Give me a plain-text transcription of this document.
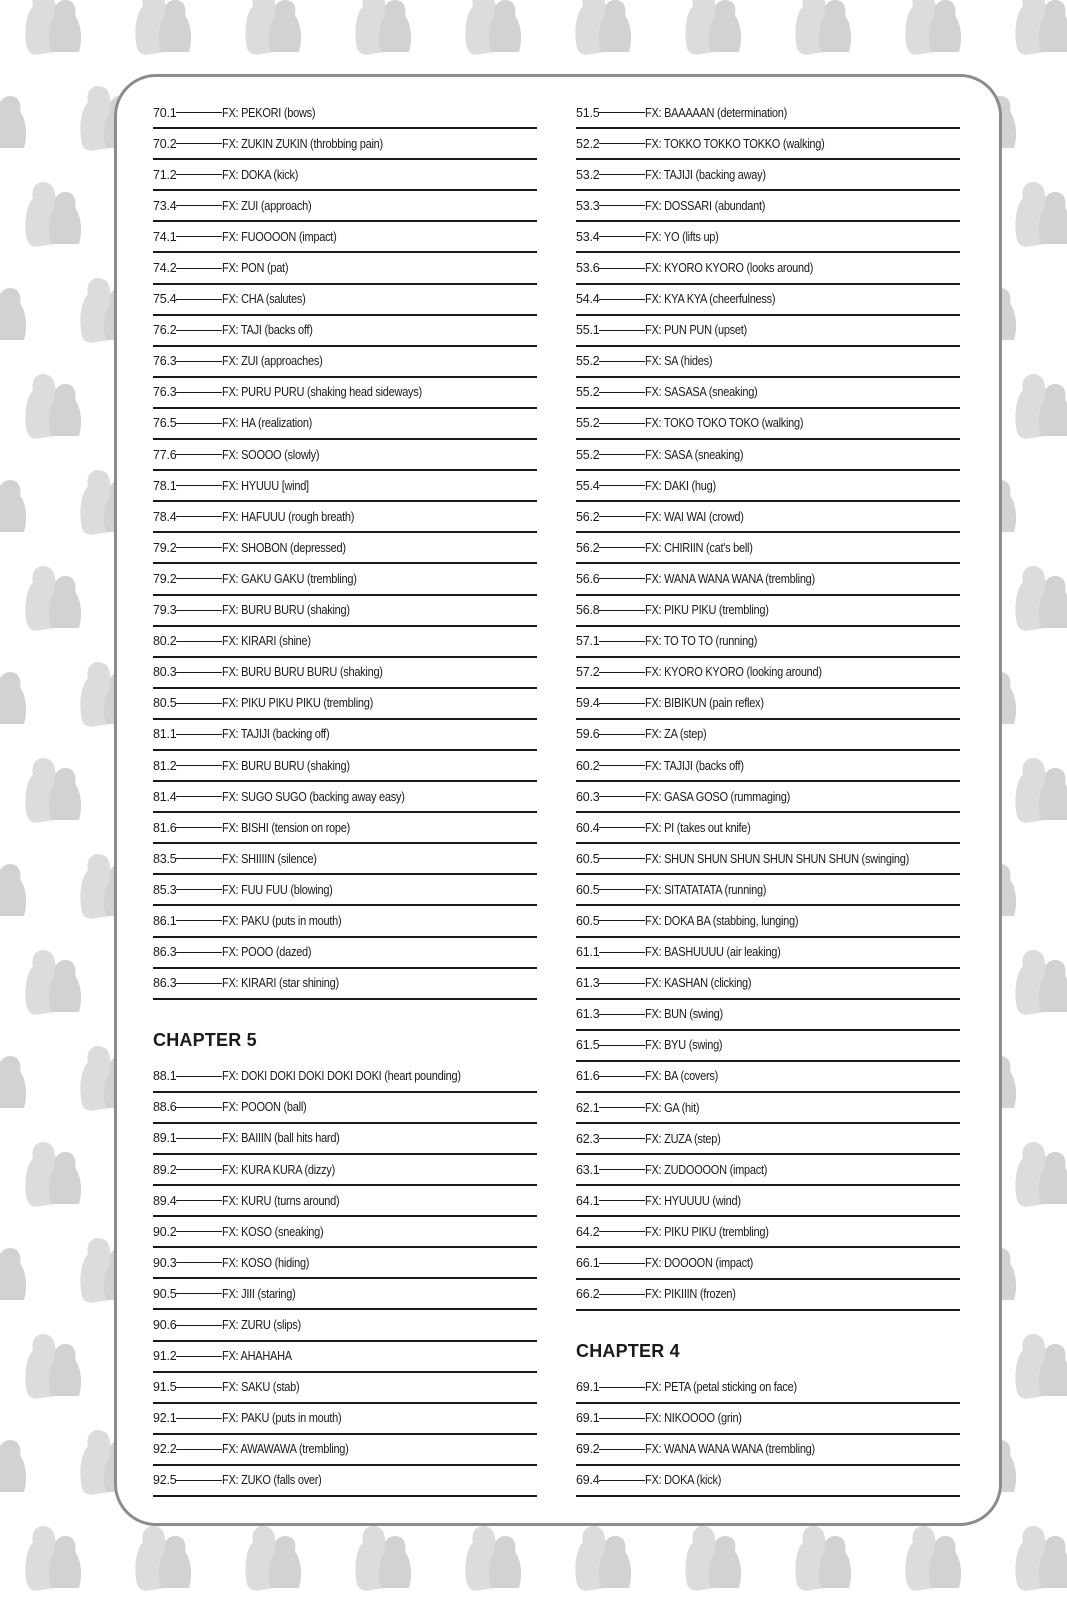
70.1	FX: PEKORI (bows)
70.2	FX: ZUKIN ZUKIN (throbbing pain)
71.2	FX: DOKA (kick)
73.4	FX: ZUI (approach)
74.1	FX: FUOOOON (impact)
74.2	FX: PON (pat)
75.4	FX: CHA (salutes)
76.2	FX: TAJI (backs off)
76.3	FX: ZUI (approaches)
76.3	FX: PURU PURU (shaking head sideways)
76.5	FX: HA (realization)
77.6	FX: SOOOO (slowly)
78.1	FX: HYUUU [wind]
78.4	FX: HAFUUU (rough breath)
79.2	FX: SHOBON (depressed)
79.2	FX: GAKU GAKU (trembling)
79.3	FX: BURU BURU (shaking)
80.2	FX: KIRARI (shine)
80.3	FX: BURU BURU BURU (shaking)
80.5	FX: PIKU PIKU PIKU (trembling)
81.1	FX: TAJIJI (backing off)
81.2	FX: BURU BURU (shaking)
81.4	FX: SUGO SUGO (backing away easy)
81.6	FX: BISHI (tension on rope)
83.5	FX: SHIIIIN (silence)
85.3	FX: FUU FUU (blowing)
86.1	FX: PAKU (puts in mouth)
86.3	FX: POOO (dazed)
86.3	FX: KIRARI (star shining)
CHAPTER 5
88.1	FX: DOKI DOKI DOKI DOKI DOKI (heart pounding)
88.6	FX: POOON (ball)
89.1	FX: BAIIIN (ball hits hard)
89.2	FX: KURA KURA (dizzy)
89.4	FX: KURU (turns around)
90.2	FX: KOSO (sneaking)
90.3	FX: KOSO (hiding)
90.5	FX: JIII (staring)
90.6	FX: ZURU (slips)
91.2	FX: AHAHAHA
91.5	FX: SAKU (stab)
92.1	FX: PAKU (puts in mouth)
92.2	FX: AWAWAWA (trembling)
92.5	FX: ZUKO (falls over)
51.5	FX: BAAAAAN (determination)
52.2	FX: TOKKO TOKKO TOKKO (walking)
53.2	FX: TAJIJI (backing away)
53.3	FX: DOSSARI (abundant)
53.4	FX: YO (lifts up)
53.6	FX: KYORO KYORO (looks around)
54.4	FX: KYA KYA (cheerfulness)
55.1	FX: PUN PUN (upset)
55.2	FX: SA (hides)
55.2	FX: SASASA (sneaking)
55.2	FX: TOKO TOKO TOKO (walking)
55.2	FX: SASA (sneaking)
55.4	FX: DAKI (hug)
56.2	FX: WAI WAI (crowd)
56.2	FX: CHIRIIN (cat's bell)
56.6	FX: WANA WANA WANA (trembling)
56.8	FX: PIKU PIKU (trembling)
57.1	FX: TO TO TO (running)
57.2	FX: KYORO KYORO (looking around)
59.4	FX: BIBIKUN (pain reflex)
59.6	FX: ZA (step)
60.2	FX: TAJIJI (backs off)
60.3	FX: GASA GOSO (rummaging)
60.4	FX: PI (takes out knife)
60.5	FX: SHUN SHUN SHUN SHUN SHUN SHUN (swinging)
60.5	FX: SITATATATA (running)
60.5	FX: DOKA BA (stabbing, lunging)
61.1	FX: BASHUUUU (air leaking)
61.3	FX: KASHAN (clicking)
61.3	FX: BUN (swing)
61.5	FX: BYU (swing)
61.6	FX: BA (covers)
62.1	FX: GA (hit)
62.3	FX: ZUZA (step)
63.1	FX: ZUDOOOON (impact)
64.1	FX: HYUUUU (wind)
64.2	FX: PIKU PIKU (trembling)
66.1	FX: DOOOON (impact)
66.2	FX: PIKIIIN (frozen)
CHAPTER 4
69.1	FX: PETA (petal sticking on face)
69.1	FX: NIKOOOO (grin)
69.2	FX: WANA WANA WANA (trembling)
69.4	FX: DOKA (kick)
